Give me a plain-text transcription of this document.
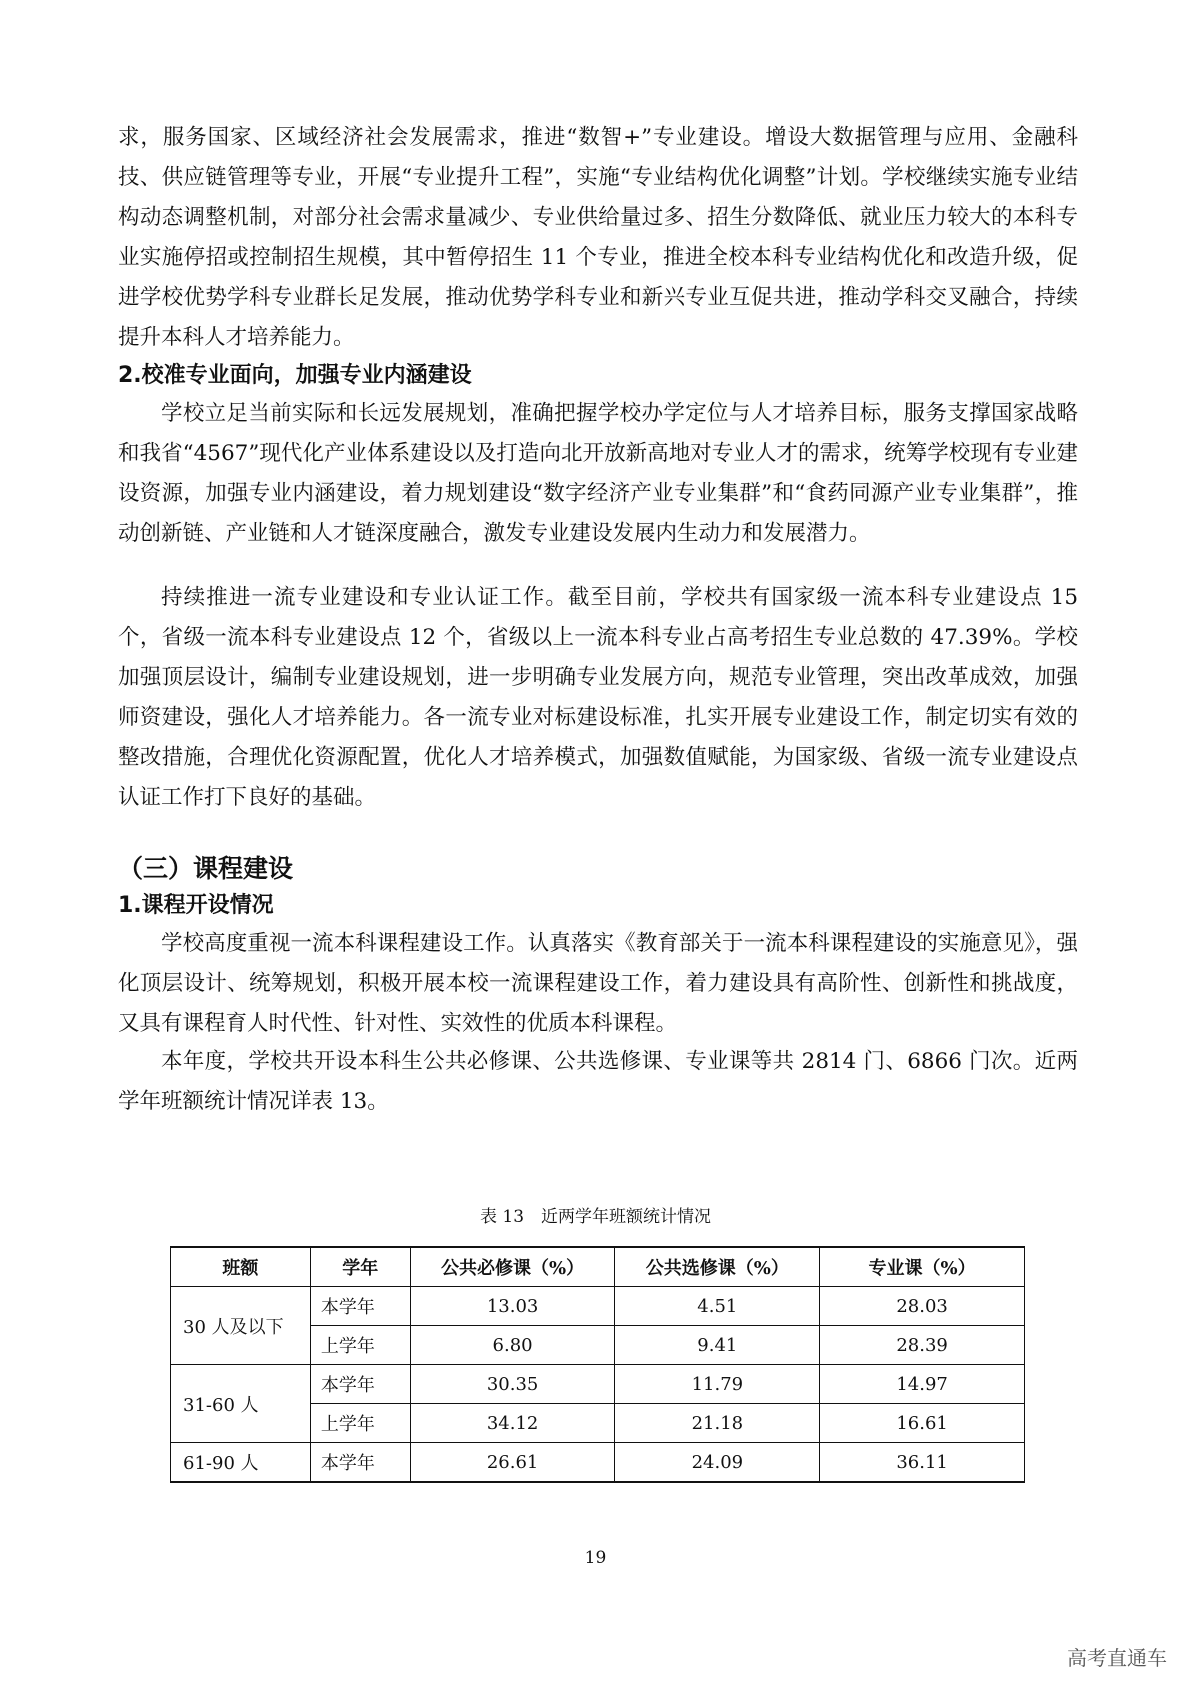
求，服务国家、区域经济社会发展需求，推进“数智+”专业建设。增设大数据管理与应用、金融科技、供应链管理等专业，开展“专业提升工程”，实施“专业结构优化调整”计划。学校继续实施专业结构动态调整机制，对部分社会需求量减少、专业供给量过多、招生分数降低、就业压力较大的本科专业实施停招或控制招生规模，其中暂停招生 11 个专业，推进全校本科专业结构优化和改造升级，促进学校优势学科专业群长足发展，推动优势学科专业和新兴专业互促共进，推动学科交叉融合，持续提升本科人才培养能力。

2.校准专业面向，加强专业内涵建设

学校立足当前实际和长远发展规划，准确把握学校办学定位与人才培养目标，服务支撑国家战略和我省“4567”现代化产业体系建设以及打造向北开放新高地对专业人才的需求，统筹学校现有专业建设资源，加强专业内涵建设，着力规划建设“数字经济产业专业集群”和“食药同源产业专业集群”，推动创新链、产业链和人才链深度融合，激发专业建设发展内生动力和发展潜力。

持续推进一流专业建设和专业认证工作。截至目前，学校共有国家级一流本科专业建设点 15 个，省级一流本科专业建设点 12 个，省级以上一流本科专业占高考招生专业总数的 47.39%。学校加强顶层设计，编制专业建设规划，进一步明确专业发展方向，规范专业管理，突出改革成效，加强师资建设，强化人才培养能力。各一流专业对标建设标准，扎实开展专业建设工作，制定切实有效的整改措施，合理优化资源配置，优化人才培养模式，加强数值赋能，为国家级、省级一流专业建设点认证工作打下良好的基础。

（三）课程建设
1.课程开设情况

学校高度重视一流本科课程建设工作。认真落实《教育部关于一流本科课程建设的实施意见》，强化顶层设计、统筹规划，积极开展本校一流课程建设工作，着力建设具有高阶性、创新性和挑战度，又具有课程育人时代性、针对性、实效性的优质本科课程。

本年度，学校共开设本科生公共必修课、公共选修课、专业课等共 2814 门、6866 门次。近两学年班额统计情况详表 13。

表 13　近两学年班额统计情况

班额	学年	公共必修课（%）	公共选修课（%）	专业课（%）
30 人及以下	本学年	13.03	4.51	28.03
	上学年	6.80	9.41	28.39
31-60 人	本学年	30.35	11.79	14.97
	上学年	34.12	21.18	16.61
61-90 人	本学年	26.61	24.09	36.11

19

高考直通车
